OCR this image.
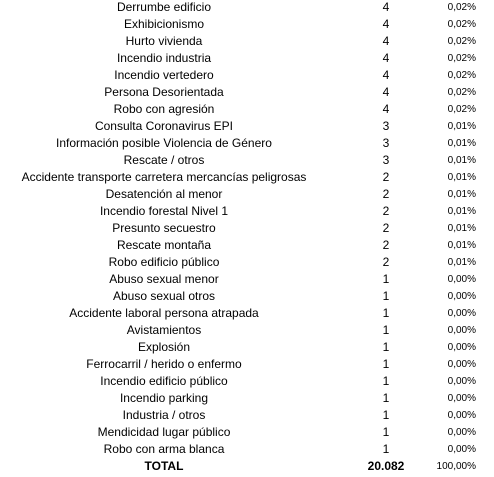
Derrumbe edificio	4	0,02%
Exhibicionismo	4	0,02%
Hurto vivienda	4	0,02%
Incendio industria	4	0,02%
Incendio vertedero	4	0,02%
Persona Desorientada	4	0,02%
Robo con agresión	4	0,02%
Consulta Coronavirus EPI	3	0,01%
Información posible Violencia de Género	3	0,01%
Rescate / otros	3	0,01%
Accidente transporte carretera mercancías peligrosas	2	0,01%
Desatención al menor	2	0,01%
Incendio forestal Nivel 1	2	0,01%
Presunto secuestro	2	0,01%
Rescate montaña	2	0,01%
Robo edificio público	2	0,01%
Abuso sexual menor	1	0,00%
Abuso sexual otros	1	0,00%
Accidente laboral persona atrapada	1	0,00%
Avistamientos	1	0,00%
Explosión	1	0,00%
Ferrocarril / herido o enfermo	1	0,00%
Incendio edificio público	1	0,00%
Incendio parking	1	0,00%
Industria / otros	1	0,00%
Mendicidad lugar público	1	0,00%
Robo con arma blanca	1	0,00%
TOTAL	20.082	100,00%
